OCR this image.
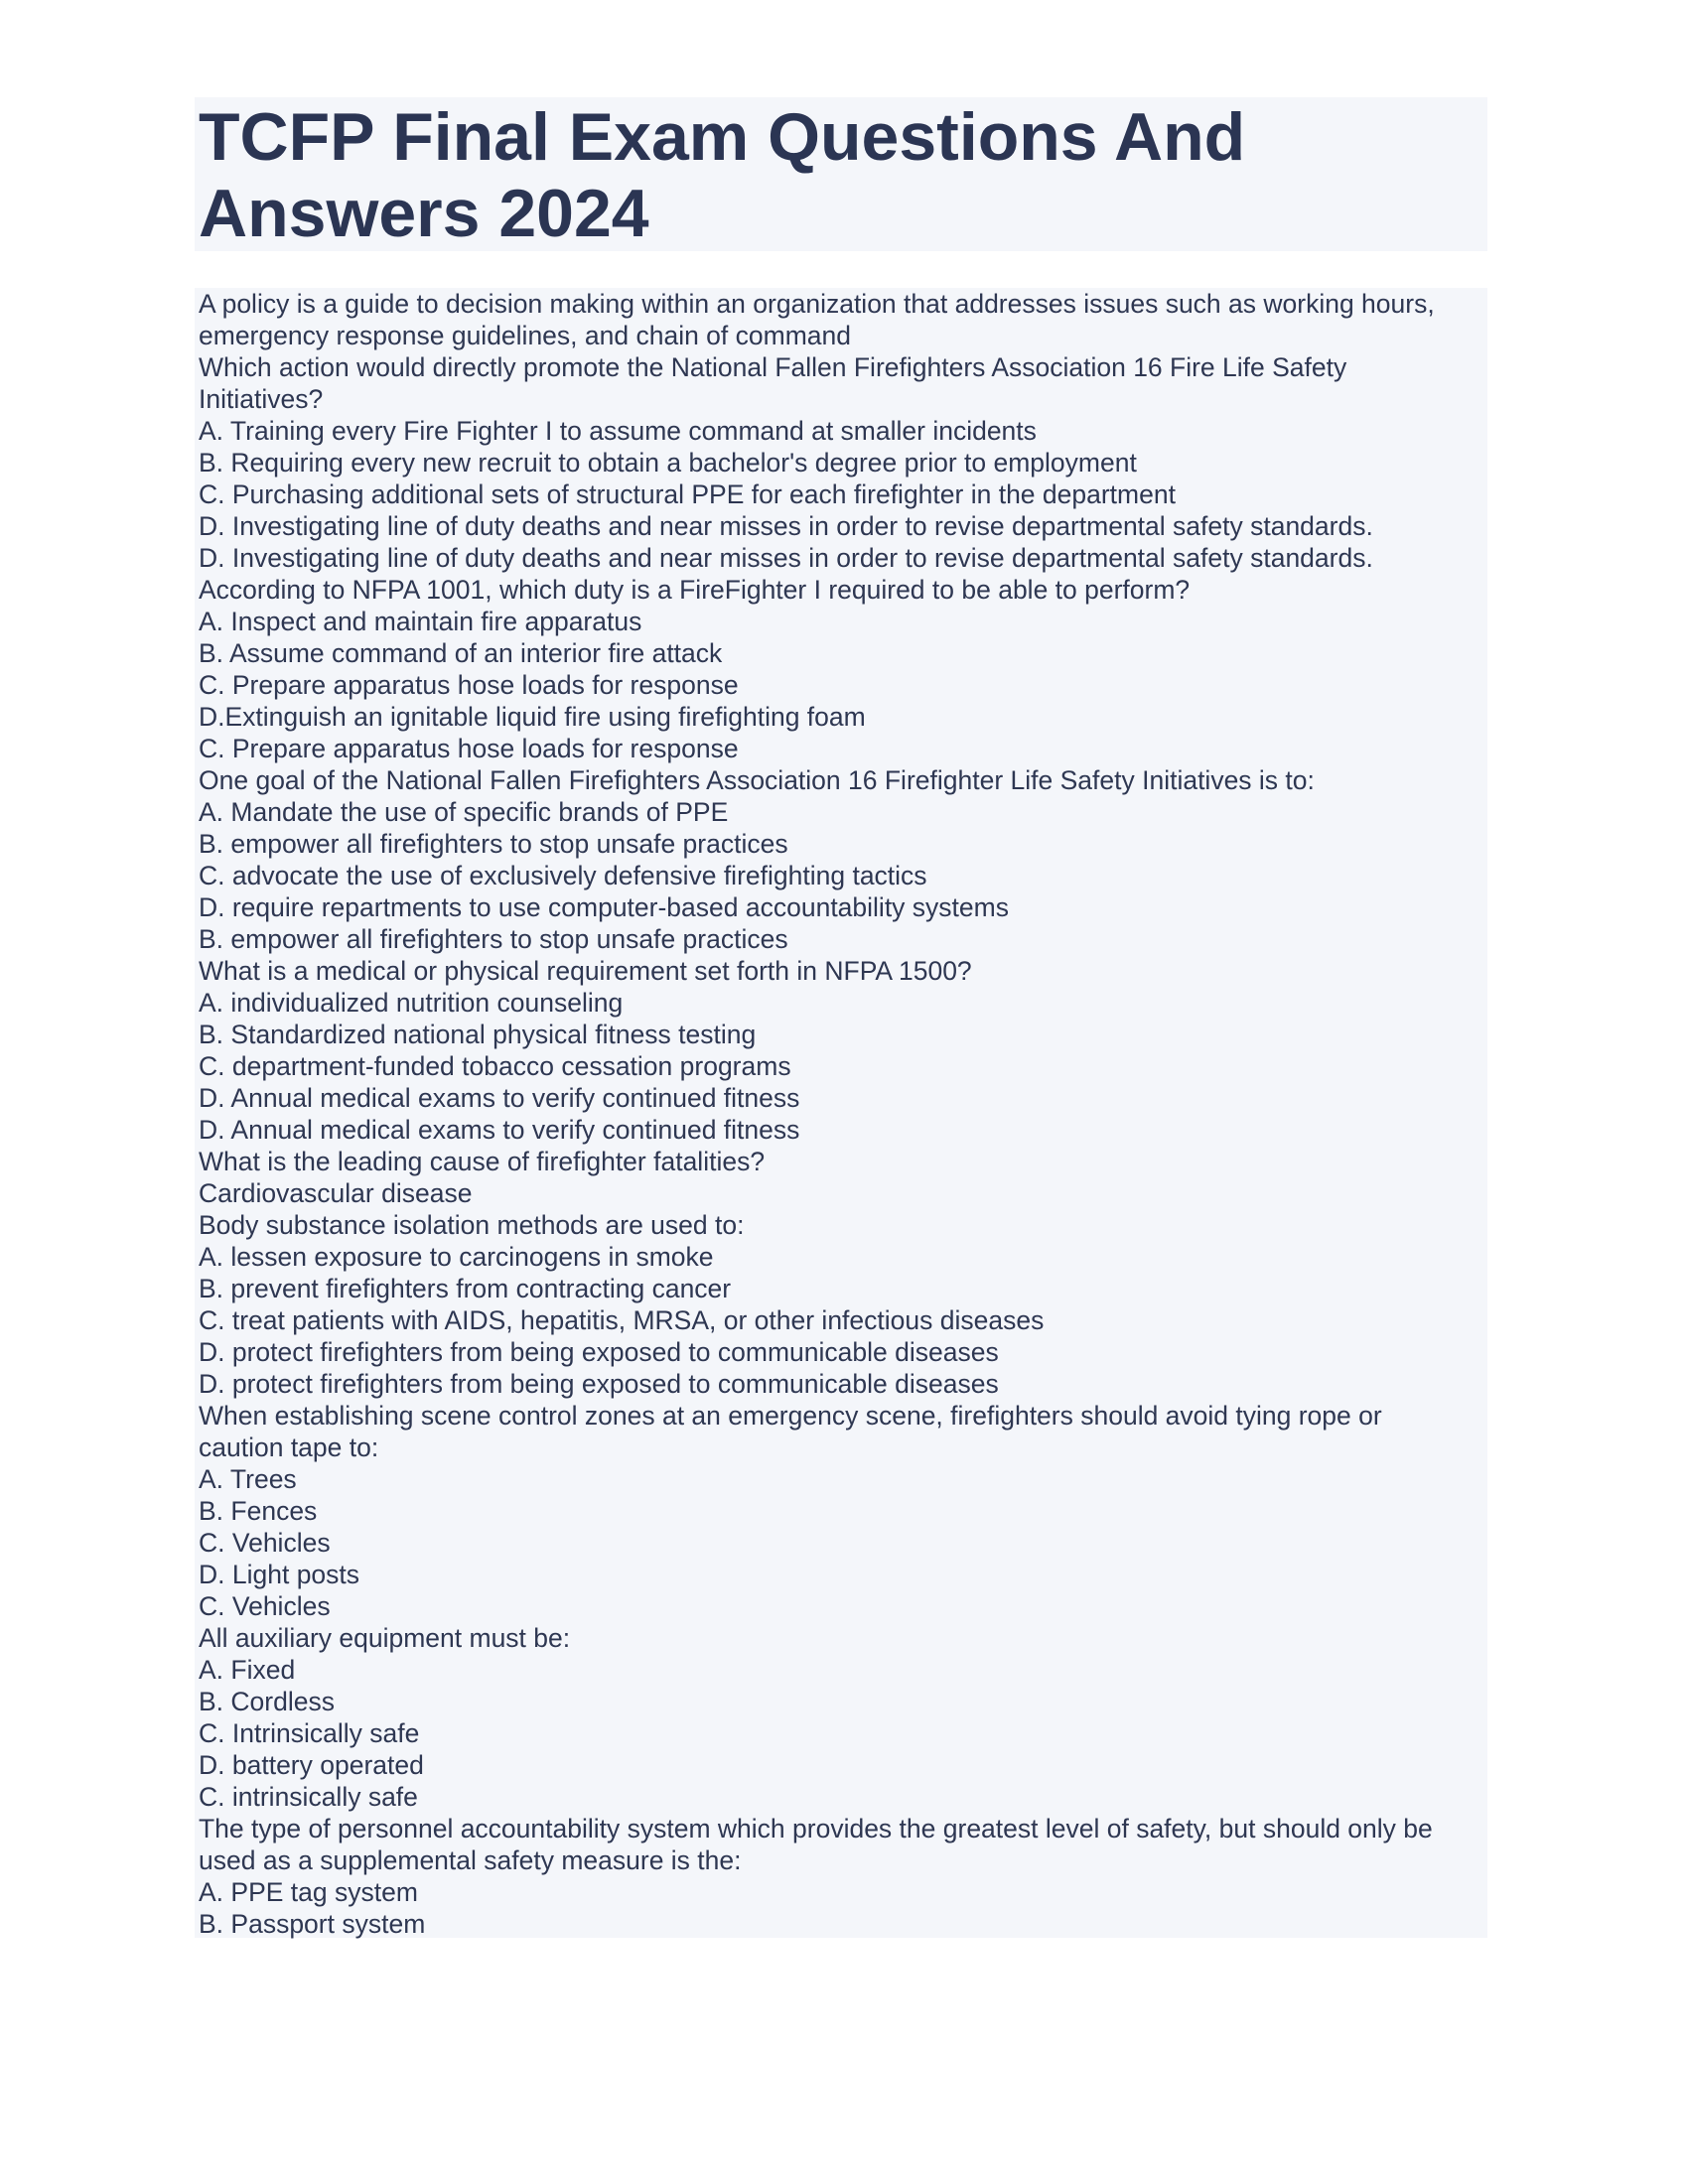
TCFP Final Exam Questions And Answers 2024
A policy is a guide to decision making within an organization that addresses issues such as working hours, emergency response guidelines, and chain of command
Which action would directly promote the National Fallen Firefighters Association 16 Fire Life Safety Initiatives?
A. Training every Fire Fighter I to assume command at smaller incidents
B. Requiring every new recruit to obtain a bachelor's degree prior to employment
C. Purchasing additional sets of structural PPE for each firefighter in the department
D. Investigating line of duty deaths and near misses in order to revise departmental safety standards.
D. Investigating line of duty deaths and near misses in order to revise departmental safety standards.
According to NFPA 1001, which duty is a FireFighter I required to be able to perform?
A. Inspect and maintain fire apparatus
B. Assume command of an interior fire attack
C. Prepare apparatus hose loads for response
D.Extinguish an ignitable liquid fire using firefighting foam
C. Prepare apparatus hose loads for response
One goal of the National Fallen Firefighters Association 16 Firefighter Life Safety Initiatives is to:
A. Mandate the use of specific brands of PPE
B. empower all firefighters to stop unsafe practices
C. advocate the use of exclusively defensive firefighting tactics
D. require repartments to use computer-based accountability systems
B. empower all firefighters to stop unsafe practices
What is a medical or physical requirement set forth in NFPA 1500?
A. individualized nutrition counseling
B. Standardized national physical fitness testing
C. department-funded tobacco cessation programs
D. Annual medical exams to verify continued fitness
D. Annual medical exams to verify continued fitness
What is the leading cause of firefighter fatalities?
Cardiovascular disease
Body substance isolation methods are used to:
A. lessen exposure to carcinogens in smoke
B. prevent firefighters from contracting cancer
C. treat patients with AIDS, hepatitis, MRSA, or other infectious diseases
D. protect firefighters from being exposed to communicable diseases
D. protect firefighters from being exposed to communicable diseases
When establishing scene control zones at an emergency scene, firefighters should avoid tying rope or caution tape to:
A. Trees
B. Fences
C. Vehicles
D. Light posts
C. Vehicles
All auxiliary equipment must be:
A. Fixed
B. Cordless
C. Intrinsically safe
D. battery operated
C. intrinsically safe
The type of personnel accountability system which provides the greatest level of safety, but should only be used as a supplemental safety measure is the:
A. PPE tag system
B. Passport system
